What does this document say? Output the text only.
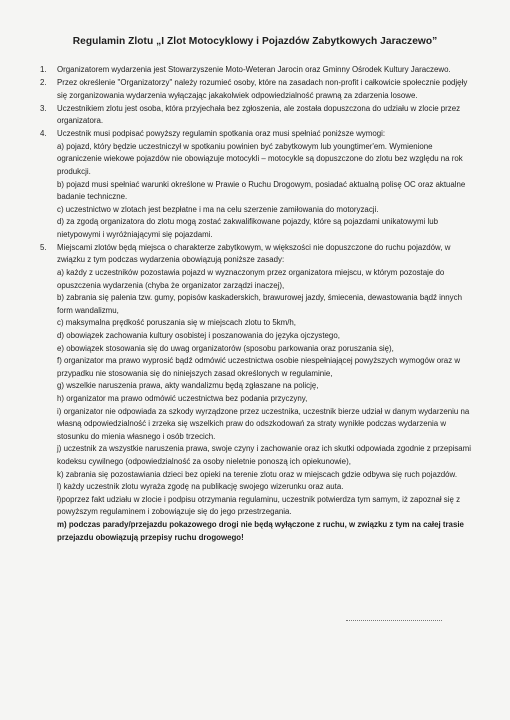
Regulamin Zlotu „I Zlot Motocyklowy i Pojazdów Zabytkowych Jaraczewo”
1. Organizatorem wydarzenia jest Stowarzyszenie Moto-Weteran Jarocin oraz Gminny Ośrodek Kultury Jaraczewo.
2. Przez określenie "Organizatorzy" należy rozumieć osoby, które na zasadach non-profit i całkowicie społecznie podjęły się zorganizowania wydarzenia wyłączając jakakolwiek odpowiedzialność prawną za zdarzenia losowe.
3. Uczestnikiem zlotu jest osoba, która przyjechała bez zgłoszenia, ale została dopuszczona do udziału w zlocie przez organizatora.
4. Uczestnik musi podpisać powyższy regulamin spotkania oraz musi spełniać poniższe wymogi:
a) pojazd, który będzie uczestniczył w spotkaniu powinien być zabytkowym lub youngtimer'em. Wymienione ograniczenie wiekowe pojazdów nie obowiązuje motocykli – motocykle są dopuszczone do zlotu bez względu na rok produkcji.
b) pojazd musi spełniać warunki określone w Prawie o Ruchu Drogowym, posiadać aktualną polisę OC oraz aktualne badanie techniczne.
c) uczestnictwo w zlotach jest bezpłatne i ma na celu szerzenie zamiłowania do motoryzacji.
d) za zgodą organizatora do zlotu mogą zostać zakwalifikowane pojazdy, które są pojazdami unikatowymi lub nietypowymi i wyróżniającymi się pojazdami.
5. Miejscami zlotów będą miejsca o charakterze zabytkowym, w większości nie dopuszczone do ruchu pojazdów, w związku z tym podczas wydarzenia obowiązują poniższe zasady:
a) każdy z uczestników pozostawia pojazd w wyznaczonym przez organizatora miejscu, w którym pozostaje do opuszczenia wydarzenia (chyba że organizator zarządzi inaczej),
b) zabrania się palenia tzw. gumy, popisów kaskaderskich, brawurowej jazdy, śmiecenia, dewastowania bądź innych form wandalizmu,
c) maksymalna prędkość poruszania się w miejscach zlotu to 5km/h,
d) obowiązek zachowania kultury osobistej i poszanowania do języka ojczystego,
e) obowiązek stosowania się do uwag organizatorów (sposobu parkowania oraz poruszania się),
f) organizator ma prawo wyprosić bądź odmówić uczestnictwa osobie niespełniającej powyższych wymogów oraz w przypadku nie stosowania się do niniejszych zasad określonych w regulaminie,
g) wszelkie naruszenia prawa, akty wandalizmu będą zgłaszane na policję,
h) organizator ma prawo odmówić uczestnictwa bez podania przyczyny,
i) organizator nie odpowiada za szkody wyrządzone przez uczestnika, uczestnik bierze udział w danym wydarzeniu na własną odpowiedzialność i zrzeka się wszelkich praw do odszkodowań za straty wynikłe podczas wydarzenia w stosunku do mienia własnego i osób trzecich.
j) uczestnik za wszystkie naruszenia prawa, swoje czyny i zachowanie oraz ich skutki odpowiada zgodnie z przepisami kodeksu cywilnego (odpowiedzialność za osoby nieletnie ponoszą ich opiekunowie),
k) zabrania się pozostawiania dzieci bez opieki na terenie zlotu oraz w miejscach gdzie odbywa się ruch pojazdów.
l) każdy uczestnik zlotu wyraża zgodę na publikację swojego wizerunku oraz auta.
ł)poprzez fakt udziału w zlocie i podpisu otrzymania regulaminu, uczestnik potwierdza tym samym, iż zapoznał się z powyższym regulaminem i zobowiązuje się do jego przestrzegania.
m) podczas parady/przejazdu pokazowego drogi nie będą wyłączone z ruchu, w związku z tym na całej trasie przejazdu obowiązują przepisy ruchu drogowego!
